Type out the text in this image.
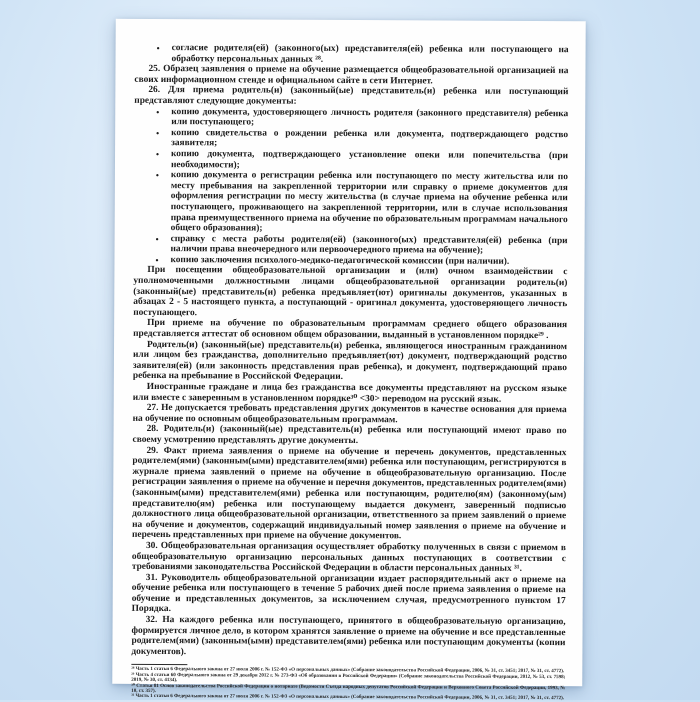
• согласие родителя(ей) (законного(ых) представителя(ей) ребенка или поступающего на обработку персональных данных ²⁸.

25. Образец заявления о приеме на обучение размещается общеобразовательной организацией на своих информационном стенде и официальном сайте в сети Интернет.

26. Для приема родитель(и) (законный(ые) представитель(и) ребенка или поступающий представляют следующие документы:

• копию документа, удостоверяющего личность родителя (законного представителя) ребенка или поступающего;
• копию свидетельства о рождении ребенка или документа, подтверждающего родство заявителя;
• копию документа, подтверждающего установление опеки или попечительства (при необходимости);
• копию документа о регистрации ребенка или поступающего по месту жительства или по месту пребывания на закрепленной территории или справку о приеме документов для оформления регистрации по месту жительства (в случае приема на обучение ребенка или поступающего, проживающего на закрепленной территории, или в случае использования права преимущественного приема на обучение по образовательным программам начального общего образования);
• справку с места работы родителя(ей) (законного(ых) представителя(ей) ребенка (при наличии права внеочередного или первоочередного приема на обучение);
• копию заключения психолого-медико-педагогической комиссии (при наличии).

При посещении общеобразовательной организации и (или) очном взаимодействии с уполномоченными должностными лицами общеобразовательной организации родитель(и) (законный(ые) представитель(и) ребенка предъявляет(ют) оригиналы документов, указанных в абзацах 2 - 5 настоящего пункта, а поступающий - оригинал документа, удостоверяющего личность поступающего.

При приеме на обучение по образовательным программам среднего общего образования представляется аттестат об основном общем образовании, выданный в установленном порядке²⁹ .

Родитель(и) (законный(ые) представитель(и) ребенка, являющегося иностранным гражданином или лицом без гражданства, дополнительно предъявляет(ют) документ, подтверждающий родство заявителя(ей) (или законность представления прав ребенка), и документ, подтверждающий право ребенка на пребывание в Российской Федерации.

Иностранные граждане и лица без гражданства все документы представляют на русском языке или вместе с заверенным в установленном порядке³⁰ <30> переводом на русский язык.

27. Не допускается требовать представления других документов в качестве основания для приема на обучение по основным общеобразовательным программам.

28. Родитель(и) (законный(ые) представитель(и) ребенка или поступающий имеют право по своему усмотрению представлять другие документы.

29. Факт приема заявления о приеме на обучение и перечень документов, представленных родителем(ями) (законным(ыми) представителем(ями) ребенка или поступающим, регистрируются в журнале приема заявлений о приеме на обучение в общеобразовательную организацию. После регистрации заявления о приеме на обучение и перечня документов, представленных родителем(ями) (законным(ыми) представителем(ями) ребенка или поступающим, родителю(ям) (законному(ым) представителю(ям) ребенка или поступающему выдается документ, заверенный подписью должностного лица общеобразовательной организации, ответственного за прием заявлений о приеме на обучение и документов, содержащий индивидуальный номер заявления о приеме на обучение и перечень представленных при приеме на обучение документов.

30. Общеобразовательная организация осуществляет обработку полученных в связи с приемом в общеобразовательную организацию персональных данных поступающих в соответствии с требованиями законодательства Российской Федерации в области персональных данных ³¹.

31. Руководитель общеобразовательной организации издает распорядительный акт о приеме на обучение ребенка или поступающего в течение 5 рабочих дней после приема заявления о приеме на обучение и представленных документов, за исключением случая, предусмотренного пунктом 17 Порядка.

32. На каждого ребенка или поступающего, принятого в общеобразовательную организацию, формируется личное дело, в котором хранятся заявление о приеме на обучение и все представленные родителем(ями) (законным(ыми) представителем(ями) ребенка или поступающим документы (копии документов).

²⁸ Часть 1 статьи 6 Федерального закона от 27 июля 2006 г. № 152-ФЗ «О персональных данных» (Собрание законодательства Российской Федерации, 2006, № 31, ст. 3451; 2017, № 31, ст. 4772).

²⁹ Часть 4 статьи 60 Федерального закона от 29 декабря 2012 г. № 273-ФЗ «Об образовании в Российской Федерации» (Собрание законодательства Российской Федерации, 2012, № 53, ст. 7598; 2019, № 30, ст. 4134).

³⁰ Статья 81 Основ законодательства Российской Федерации о нотариате (Ведомости Съезда народных депутатов Российской Федерации и Верховного Совета Российской Федерации, 1993, № 10, ст. 357).

³¹ Часть 1 статьи 6 Федерального закона от 27 июля 2006 г. № 152-ФЗ «О персональных данных» (Собрание законодательства Российской Федерации, 2006, № 31, ст. 3451; 2017, № 31, ст. 4772).
